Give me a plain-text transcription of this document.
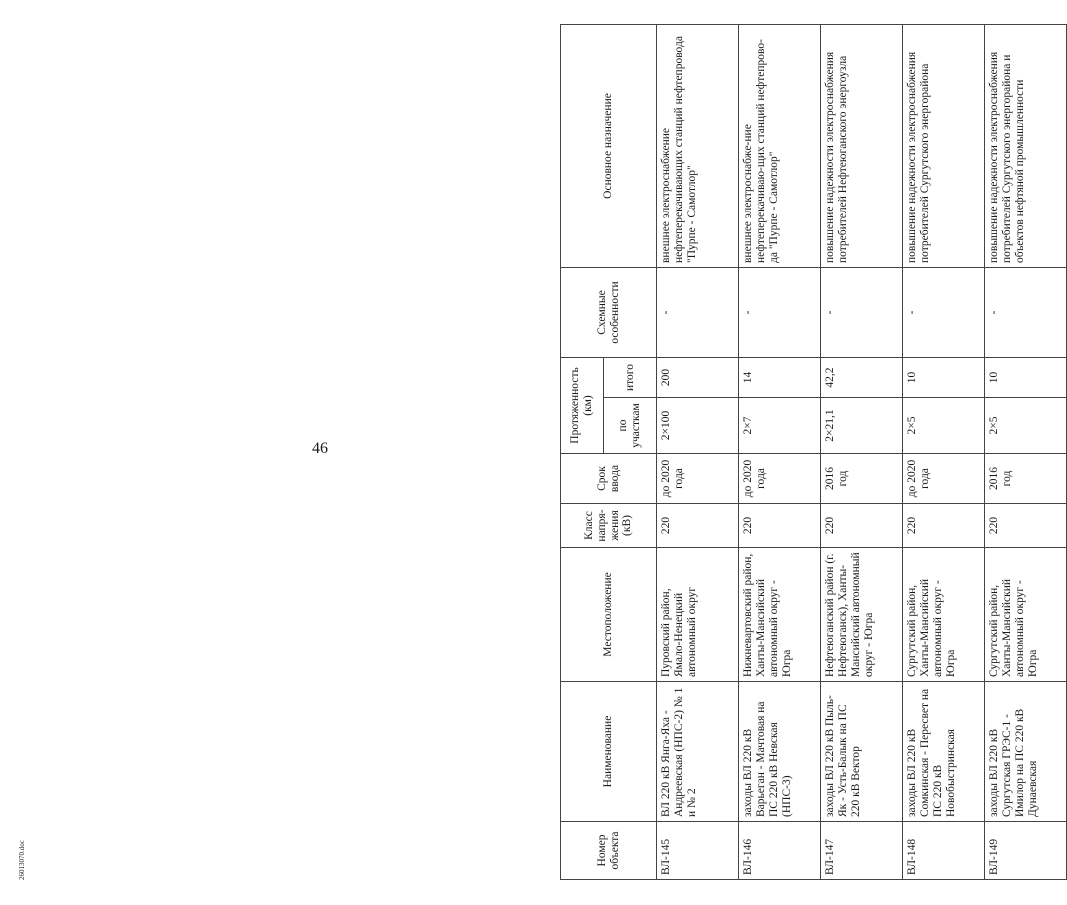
46
26013070.doc	Номер объекта	Наименование	Местоположение	Класс напря-жения (кВ)	Срок ввода	Протяженность (км)		Схемные особенности	Основное назначение
					по участкам	итого		
ВЛ-145	ВЛ 220 кВ Янга-Яха - Андреевская (НПС-2) № 1 и № 2	Пуровский район, Ямало-Ненецкий автономный округ	220	до 2020 года	2×100	200	-	внешнее электроснабжение нефтеперекачивающих станций нефтепровода "Пурпе - Самотлор"
ВЛ-146	заходы ВЛ 220 кВ Варьеган - Мачтовая на ПС 220 кВ Невская (НПС-3)	Нижневартовский район, Ханты-Мансийский автономный округ - Югра	220	до 2020 года	2×7	14	-	внешнее электроснабже-ние нефтеперекачиваю-щих станций нефтепрово-да "Пурпе - Самотлор"
ВЛ-147	заходы ВЛ 220 кВ Пыль-Як - Усть-Балык на ПС 220 кВ Вектор	Нефтеюганский район (г. Нефтеюганск), Ханты-Мансийский автономный округ - Югра	220	2016 год	2×21,1	42,2	-	повышение надежности электроснабжения потребителей Нефтеюганского энергоузла
ВЛ-148	заходы ВЛ 220 кВ Сомкинская - Пересвет на ПС 220 кВ Новобыстринская	Сургутский район, Ханты-Мансийский автономный округ - Югра	220	до 2020 года	2×5	10	-	повышение надежности электроснабжения потребителей Сургутского энергорайона
ВЛ-149	заходы ВЛ 220 кВ Сургутская ГРЭС-1 - Имилор на ПС 220 кВ Дунаевская	Сургутский район, Ханты-Мансийский автономный округ - Югра	220	2016 год	2×5	10	-	повышение надежности электроснабжения потребителей Сургутского энергорайона и объектов нефтяной промышленности
